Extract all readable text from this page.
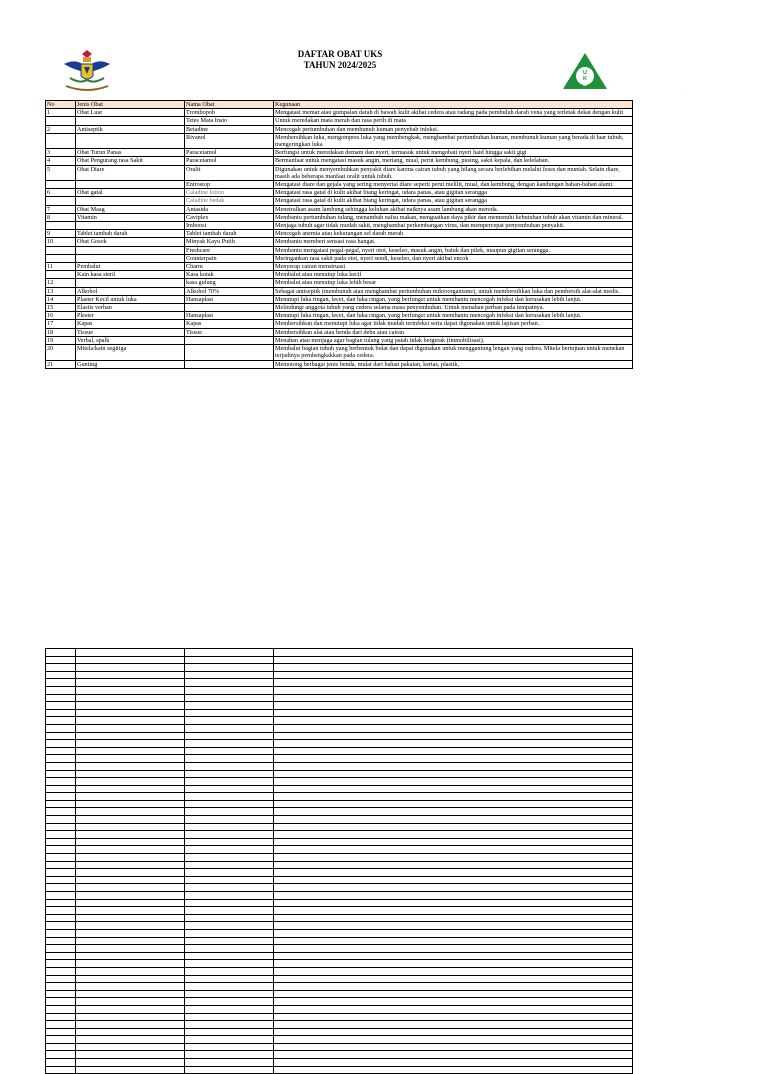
DAFTAR OBAT UKS
TAHUN 2024/2025
U
K
S
.
No	Jenis Obat	Nama Obat	Kegunaan
1	Obat Luar	Trombopob	Mengatasi memar atau gumpalan darah di bawah kulit akibat cedera atau radang pada pembuluh darah vena yang terletak dekat dengan kulit
		Tetes Mata Insto	Untuk meredakan mata merah dan rasa perih di mata
2	Antiseptik	Betadine	Mencegah pertumbuhan dan membunuh kuman penyebab infeksi.
		Rivanol	Membersihkan luka, mengompres luka yang membengkak, menghambat pertumbuhan kuman, membunuh kuman yang berada di luar tubuh, mengeringkan luka
3	Obat Turun Panas	Paracetamol	Berfungsi untuk meredakan demam dan nyeri, termasuk untuk mengobati nyeri haid hingga sakit gigi
4	Obat Pengurang rasa Sakit	Paracetamol	Bermanfaat untuk mengatasi masuk angin, meriang, mual, perut kembung, pusing, sakit kepala, dan kelelahan.
5	Obat Diare	Oralit	Digunakan untuk menyembuhkan penyakit diare karena cairan tubuh yang hilang secara berlebihan melalui feses dan muntah. Selain diare, masih ada beberapa manfaat oralit untuk tubuh.
		Entrostop	Mengatasi diare dan gejala yang sering menyertai diare seperti perut melilit, mual, dan kembung, dengan kandungan bahan-bahan alami.
6	Obat gatal	Caladine lotion	Mengatasi rasa gatal di kulit akibat biang keringat, udara panas, atau gigitan serangga
		Caladine bedak	Mengatasi rasa gatal di kulit akibat biang keringat, udara panas, atau gigitan serangga
7	Obat Maag	Antasida	Menetralkan asam lambung sehingga keluhan akibat naiknya asam lambung akan mereda.
8	Vitamin	Caviplex	Membantu pertumbuhan tulang, menambah nafsu makan, menguatkan daya pikir dan memenuhi kebutuhan tubuh akan vitamin dan mineral.
		Imboost	Menjaga tubuh agar tidak mudah sakit, menghambat perkembangan virus, dan mempercepat penyembuhan penyakit.
9	Tablet tambah darah	Tablet tambah darah	Mencegah anemia atau kekurangan sel darah merah
10	Obat Gosok	Minyak Kayu Putih	Membantu memberi sensasi rasa hangat.
		Freshcare	Membantu mengatasi pegal-pegal, nyeri otot, keseleo, masuk angin, batuk dan pilek, maupun gigitan serangga.
		Counterpain	Meringankan rasa sakit pada otot, nyeri sendi, keseleo, dan nyeri akibat encok
11	Pembalut	Charm	Menyerap cairan menstruasi
	Kain kasa steril	Kasa kotak	Membalut atau menutup luka kecil
12		kasa gulung	Membalut atau menutup luka lebih besar
13	Alkohol	Alkohol 70%	Sebagai antiseptik (membunuh atau menghambat pertumbuhan mikroorganisme), untuk membersihkan luka dan pembersih alat-alat medis.
14	Plaster Kecil untuk luka	Hansaplast	Menutupi luka ringan, lecet, dan luka ringan, yang berfungsi untuk membantu mencegah infeksi dan kerusakan lebih lanjut.
15	Elastis verban		Melindungi anggota tubuh yang cedera selama masa penyembuhan. Untuk menahan perban pada tempatnya.
16	Plester	Hansaplast	Menutupi luka ringan, lecet, dan luka ringan, yang berfungsi untuk membantu mencegah infeksi dan kerusakan lebih lanjut.
17	Kapas	Kapas	Membersihkan dan menutupi luka agar tidak mudah terinfeksi serta dapat digunakan untuk lapisan perban.
18	Tissue	Tissue	Membersihkan alat atau benda dari debu atau cairan
19	Verbal, spalk		Menahan atau menjaga agar bagian tulang yang patah tidak bergerak (immobilisasi).
20	Mitela/kain segitiga		Membalut bagian tubuh yang berbentuk bulat dan dapat digunakan untuk menggantung lengan yang cedera. Mitela bertujuan untuk menekan terjadinya pembengkakkan pada cedera.
21	Gunting		Memotong berbagai jenis benda, mulai dari bahan pakaian, kertas, plastik,
